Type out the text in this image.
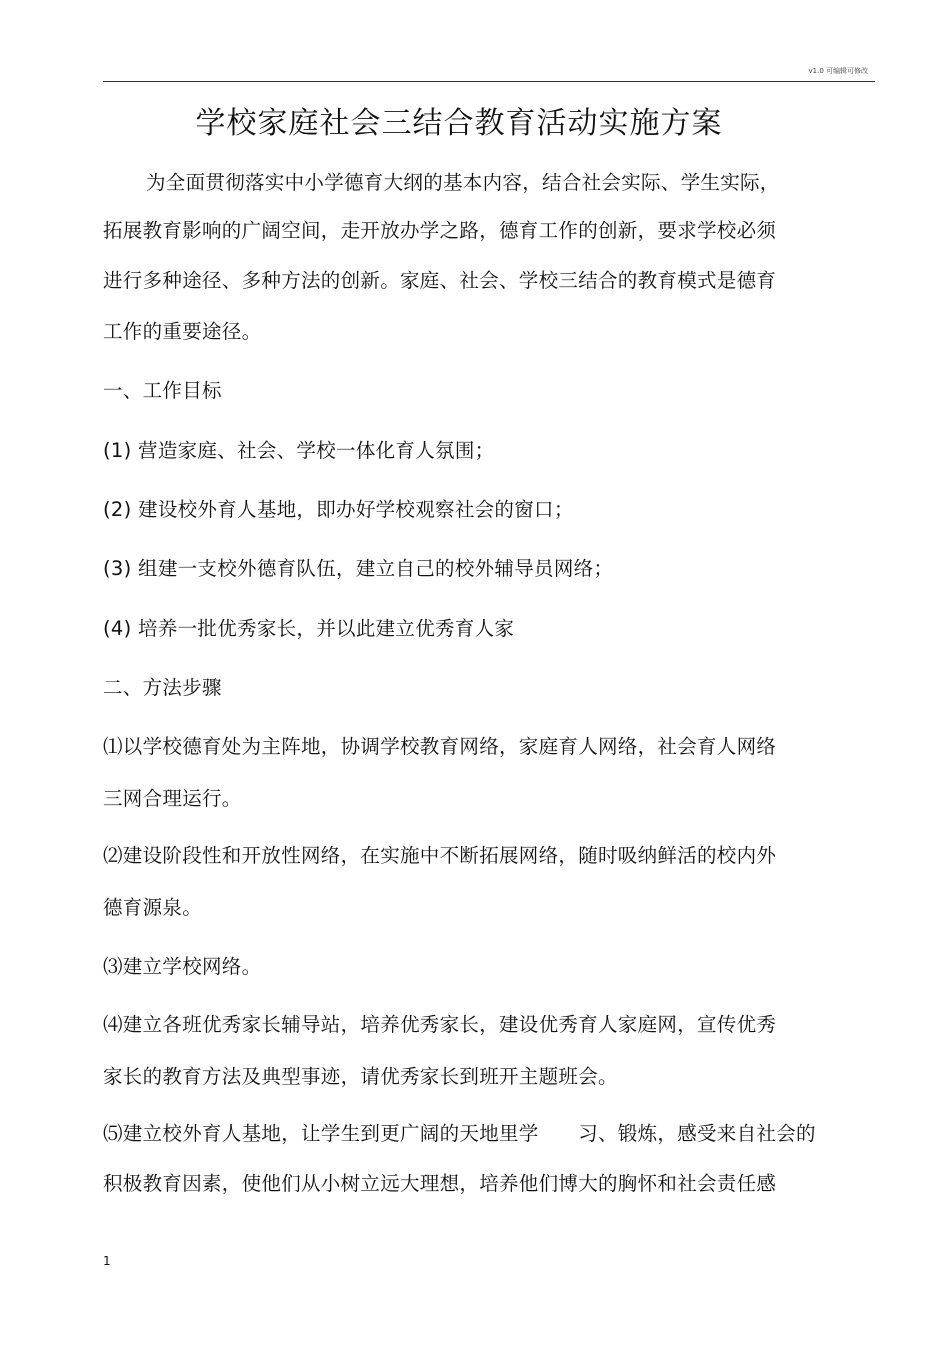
v1.0 可编辑可修改
学校家庭社会三结合教育活动实施方案
为全面贯彻落实中小学德育大纲的基本内容，结合社会实际、学生实际，
拓展教育影响的广阔空间，走开放办学之路，德育工作的创新，要求学校必须
进行多种途径、多种方法的创新。家庭、社会、学校三结合的教育模式是德育
工作的重要途径。
一、工作目标
(1) 营造家庭、社会、学校一体化育人氛围；
(2) 建设校外育人基地，即办好学校观察社会的窗口；
(3) 组建一支校外德育队伍，建立自己的校外辅导员网络；
(4) 培养一批优秀家长，并以此建立优秀育人家
二、方法步骤
⑴以学校德育处为主阵地，协调学校教育网络，家庭育人网络，社会育人网络
三网合理运行。
⑵建设阶段性和开放性网络，在实施中不断拓展网络，随时吸纳鲜活的校内外
德育源泉。
⑶建立学校网络。
⑷建立各班优秀家长辅导站，培养优秀家长，建设优秀育人家庭网，宣传优秀
家长的教育方法及典型事迹，请优秀家长到班开主题班会。
⑸建立校外育人基地，让学生到更广阔的天地里学　　习、锻炼，感受来自社会的
积极教育因素，使他们从小树立远大理想，培养他们博大的胸怀和社会责任感
1
